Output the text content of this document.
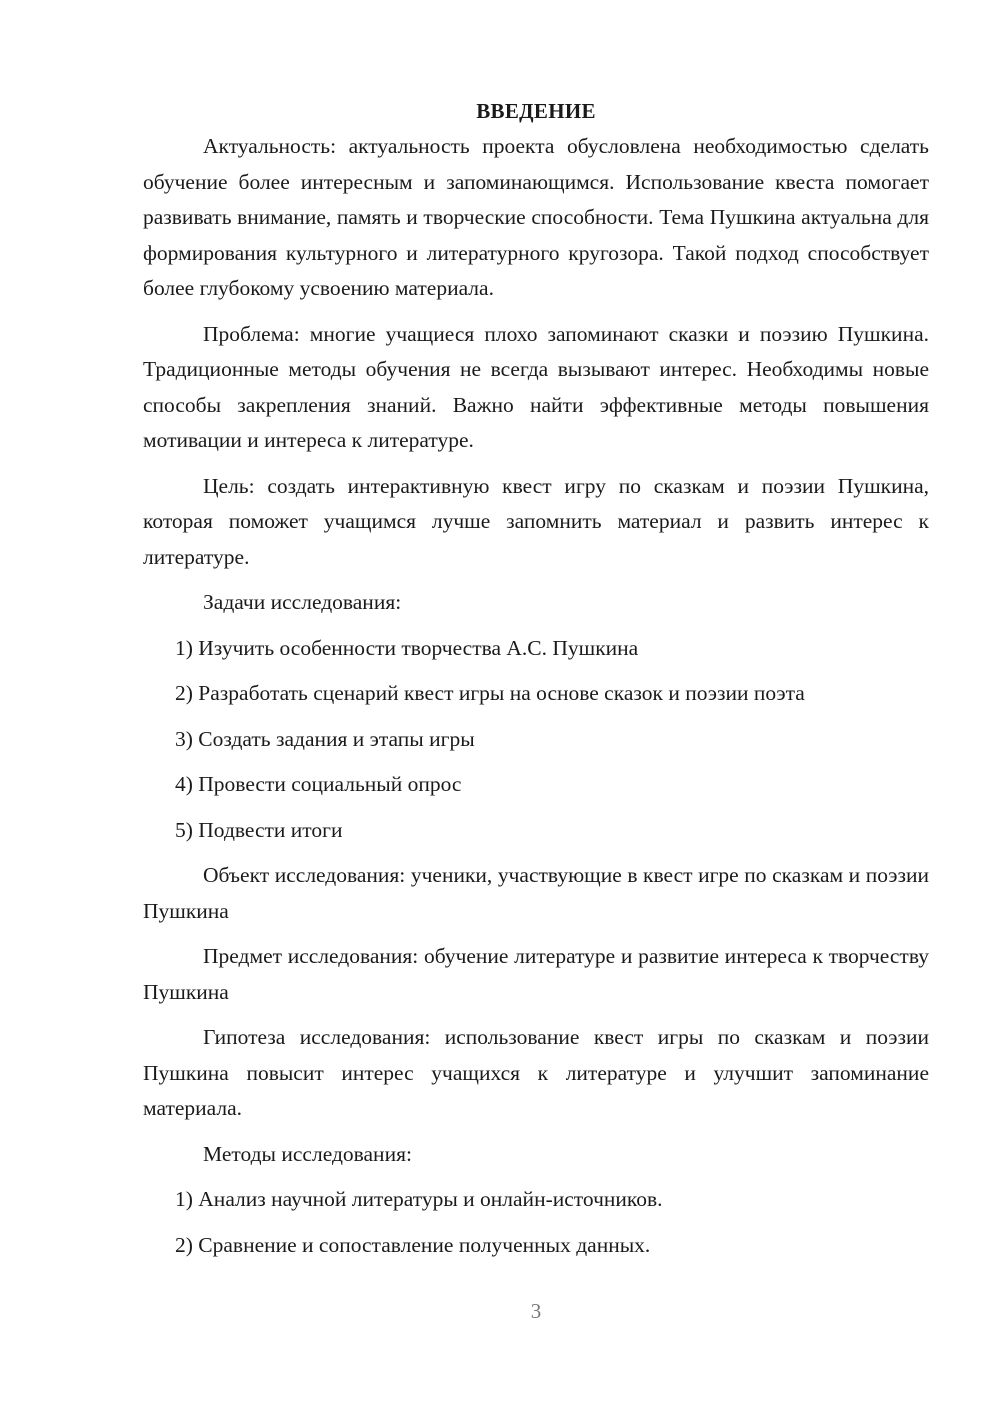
ВВЕДЕНИЕ

Актуальность: актуальность проекта обусловлена необходимостью сделать обучение более интересным и запоминающимся. Использование квеста помогает развивать внимание, память и творческие способности. Тема Пушкина актуальна для формирования культурного и литературного кругозора. Такой подход способствует более глубокому усвоению материала.

Проблема: многие учащиеся плохо запоминают сказки и поэзию Пушкина. Традиционные методы обучения не всегда вызывают интерес. Необходимы новые способы закрепления знаний. Важно найти эффективные методы повышения мотивации и интереса к литературе.

Цель: создать интерактивную квест игру по сказкам и поэзии Пушкина, которая поможет учащимся лучше запомнить материал и развить интерес к литературе.

Задачи исследования:

1) Изучить особенности творчества А.С. Пушкина
2) Разработать сценарий квест игры на основе сказок и поэзии поэта
3) Создать задания и этапы игры
4) Провести социальный опрос
5) Подвести итоги

Объект исследования: ученики, участвующие в квест игре по сказкам и поэзии Пушкина

Предмет исследования: обучение литературе и развитие интереса к творчеству Пушкина

Гипотеза исследования: использование квест игры по сказкам и поэзии Пушкина повысит интерес учащихся к литературе и улучшит запоминание материала.

Методы исследования:

1) Анализ научной литературы и онлайн-источников.
2) Сравнение и сопоставление полученных данных.
3
